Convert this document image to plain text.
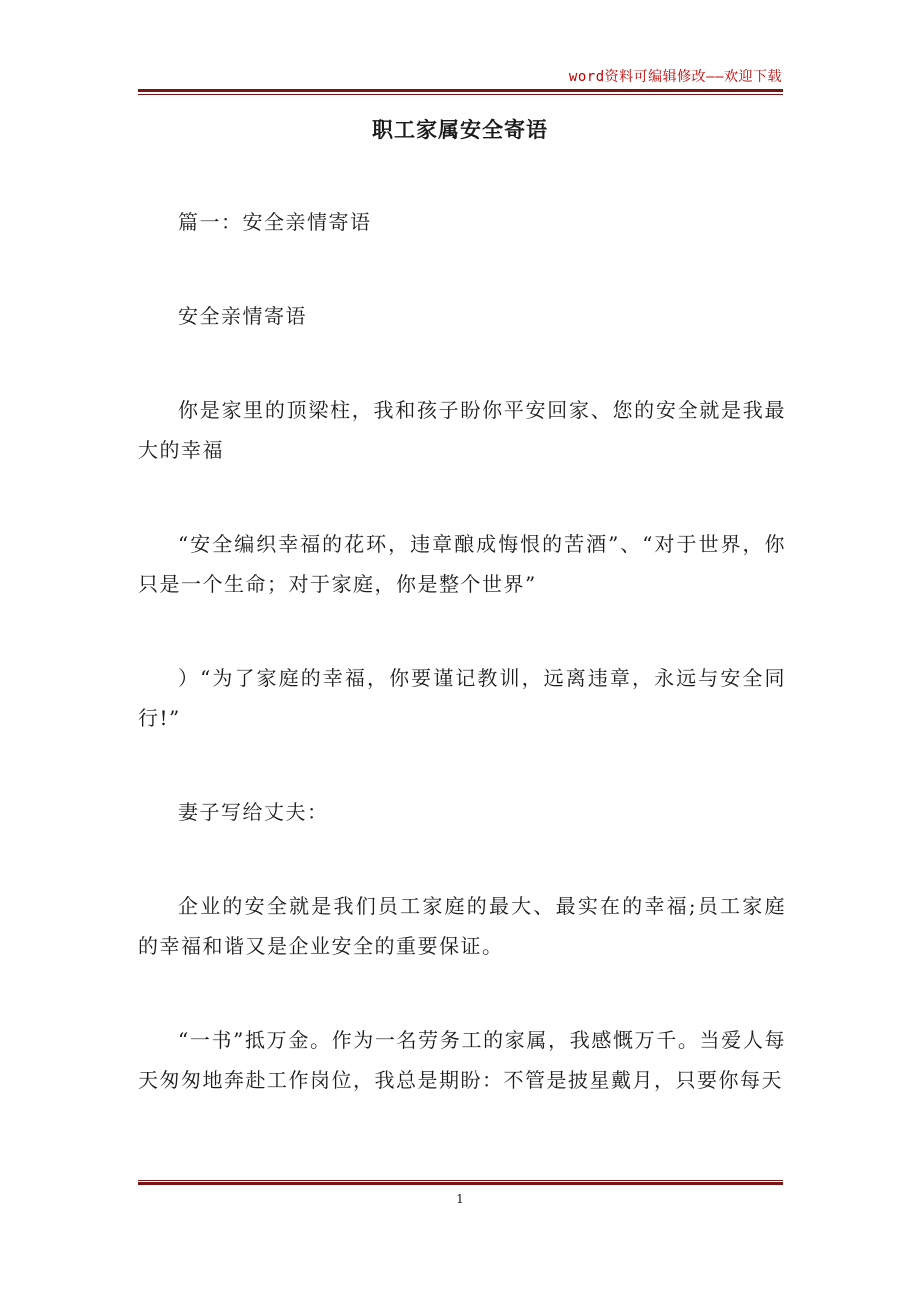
word资料可编辑修改——欢迎下载
职工家属安全寄语

篇一：安全亲情寄语

安全亲情寄语

你是家里的顶梁柱，我和孩子盼你平安回家、您的安全就是我最大的幸福

“安全编织幸福的花环，违章酿成悔恨的苦酒”、“对于世界，你只是一个生命；对于家庭，你是整个世界”

）“为了家庭的幸福，你要谨记教训，远离违章，永远与安全同行!”

妻子写给丈夫：

企业的安全就是我们员工家庭的最大、最实在的幸福;员工家庭的幸福和谐又是企业安全的重要保证。

“一书”抵万金。作为一名劳务工的家属，我感慨万千。当爱人每天匆匆地奔赴工作岗位，我总是期盼：不管是披星戴月，只要你每天

1
